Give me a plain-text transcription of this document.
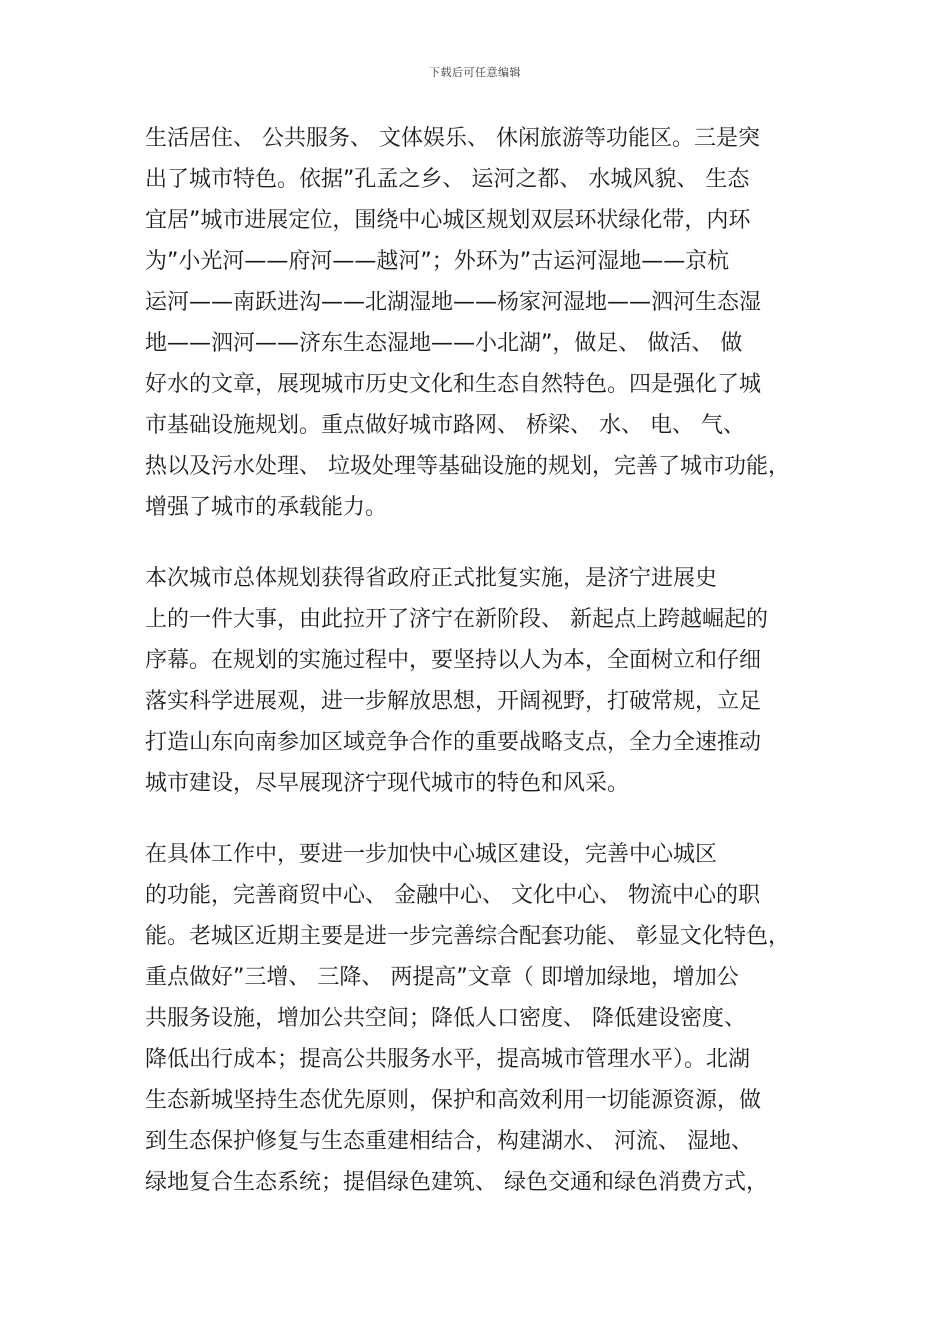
下载后可任意编辑
生活居住、 公共服务、 文体娱乐、 休闲旅游等功能区。三是突
出了城市特色。依据”孔孟之乡、 运河之都、 水城风貌、 生态
宜居”城市进展定位，围绕中心城区规划双层环状绿化带，内环
为”小光河——府河——越河”；外环为”古运河湿地——京杭
运河——南跃进沟——北湖湿地——杨家河湿地——泗河生态湿
地——泗河——济东生态湿地——小北湖”，做足、 做活、 做
好水的文章，展现城市历史文化和生态自然特色。四是强化了城
市基础设施规划。重点做好城市路网、 桥梁、 水、 电、 气、
热以及污水处理、 垃圾处理等基础设施的规划，完善了城市功能，
增强了城市的承载能力。
本次城市总体规划获得省政府正式批复实施，是济宁进展史
上的一件大事，由此拉开了济宁在新阶段、 新起点上跨越崛起的
序幕。在规划的实施过程中，要坚持以人为本，全面树立和仔细
落实科学进展观，进一步解放思想，开阔视野，打破常规，立足
打造山东向南参加区域竞争合作的重要战略支点，全力全速推动
城市建设，尽早展现济宁现代城市的特色和风采。
在具体工作中，要进一步加快中心城区建设，完善中心城区
的功能，完善商贸中心、 金融中心、 文化中心、 物流中心的职
能。老城区近期主要是进一步完善综合配套功能、 彰显文化特色，
重点做好”三增、 三降、 两提高”文章（ 即增加绿地，增加公
共服务设施，增加公共空间；降低人口密度、 降低建设密度、
降低出行成本；提高公共服务水平，提高城市管理水平）。北湖
生态新城坚持生态优先原则，保护和高效利用一切能源资源，做
到生态保护修复与生态重建相结合，构建湖水、 河流、 湿地、
绿地复合生态系统；提倡绿色建筑、 绿色交通和绿色消费方式，
